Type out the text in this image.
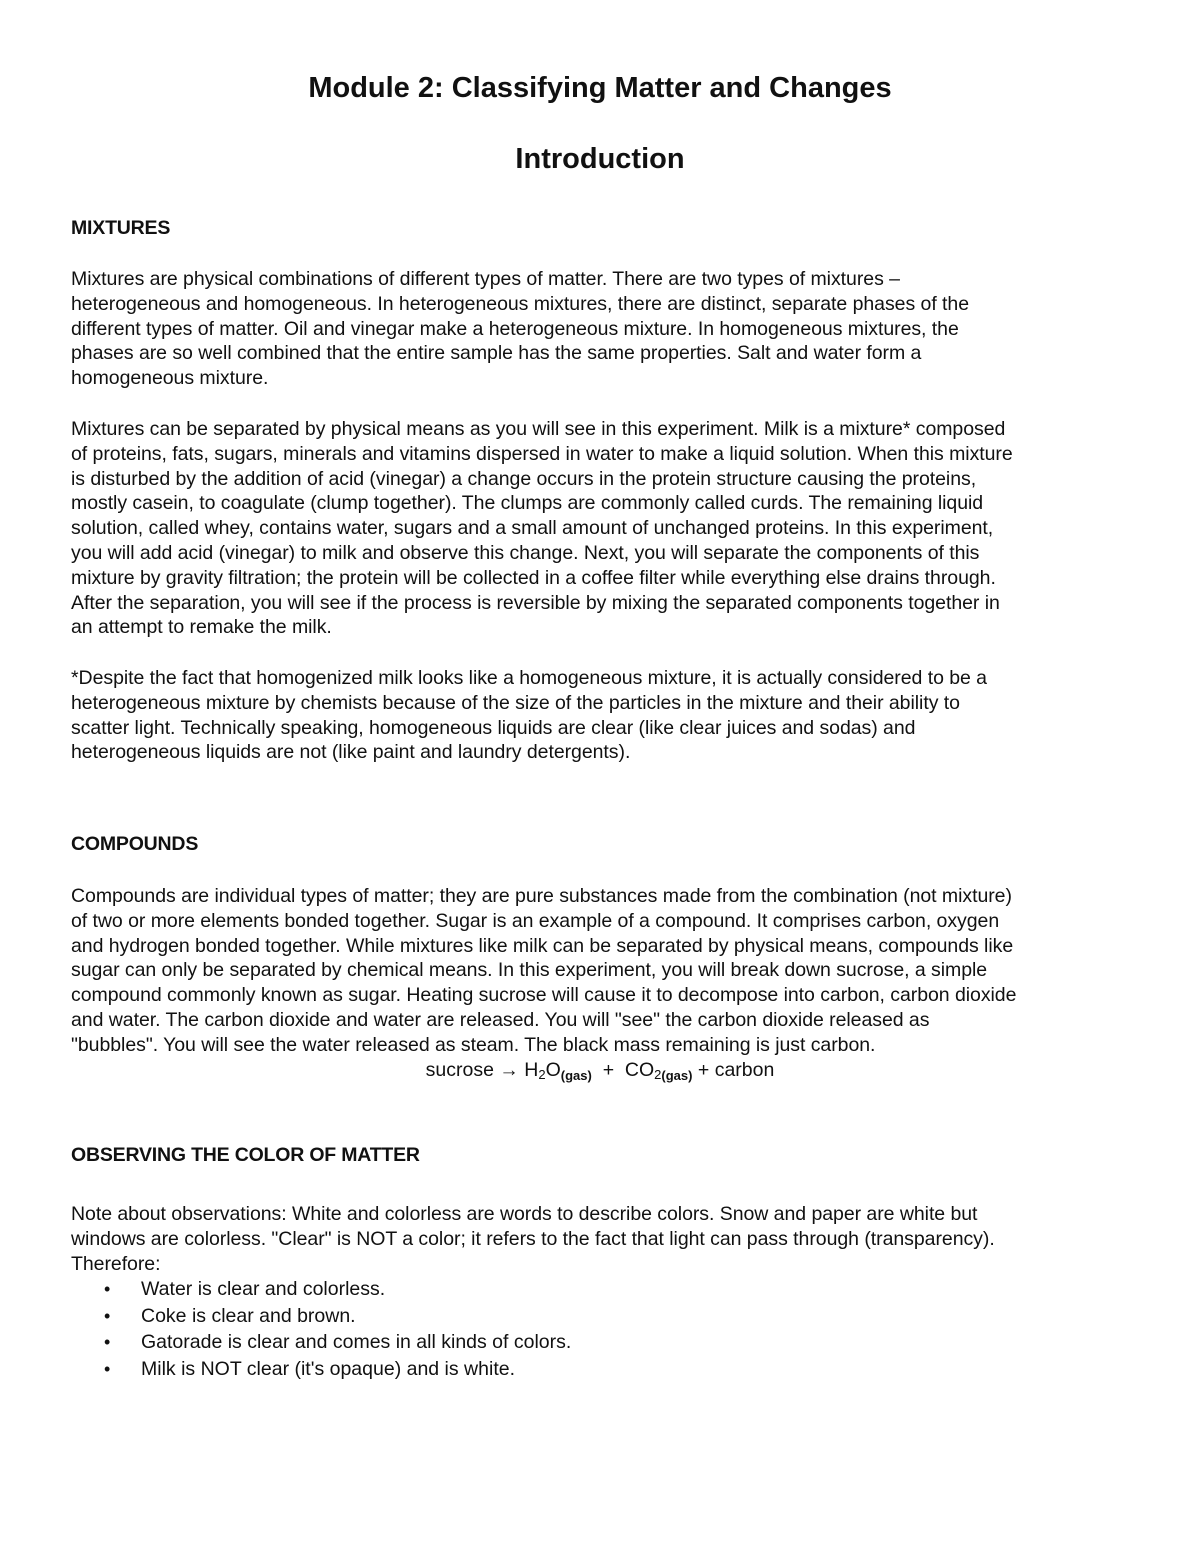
Module 2: Classifying Matter and Changes
Introduction
MIXTURES
Mixtures are physical combinations of different types of matter. There are two types of mixtures –
heterogeneous and homogeneous. In heterogeneous mixtures, there are distinct, separate phases of the
different types of matter. Oil and vinegar make a heterogeneous mixture. In homogeneous mixtures, the
phases are so well combined that the entire sample has the same properties. Salt and water form a
homogeneous mixture.
Mixtures can be separated by physical means as you will see in this experiment. Milk is a mixture* composed
of proteins, fats, sugars, minerals and vitamins dispersed in water to make a liquid solution. When this mixture
is disturbed by the addition of acid (vinegar) a change occurs in the protein structure causing the proteins,
mostly casein, to coagulate (clump together). The clumps are commonly called curds. The remaining liquid
solution, called whey, contains water, sugars and a small amount of unchanged proteins. In this experiment,
you will add acid (vinegar) to milk and observe this change. Next, you will separate the components of this
mixture by gravity filtration; the protein will be collected in a coffee filter while everything else drains through.
After the separation, you will see if the process is reversible by mixing the separated components together in
an attempt to remake the milk.
*Despite the fact that homogenized milk looks like a homogeneous mixture, it is actually considered to be a
heterogeneous mixture by chemists because of the size of the particles in the mixture and their ability to
scatter light. Technically speaking, homogeneous liquids are clear (like clear juices and sodas) and
heterogeneous liquids are not (like paint and laundry detergents).
COMPOUNDS
Compounds are individual types of matter; they are pure substances made from the combination (not mixture)
of two or more elements bonded together. Sugar is an example of a compound. It comprises carbon, oxygen
and hydrogen bonded together. While mixtures like milk can be separated by physical means, compounds like
sugar can only be separated by chemical means. In this experiment, you will break down sucrose, a simple
compound commonly known as sugar. Heating sucrose will cause it to decompose into carbon, carbon dioxide
and water. The carbon dioxide and water are released. You will "see" the carbon dioxide released as
"bubbles". You will see the water released as steam. The black mass remaining is just carbon.
sucrose → $H_2O_{(gas)} + CO_{2(gas)}$ + carbon
OBSERVING THE COLOR OF MATTER
Note about observations: White and colorless are words to describe colors. Snow and paper are white but
windows are colorless. "Clear" is NOT a color; it refers to the fact that light can pass through (transparency).
Therefore:
• Water is clear and colorless.
• Coke is clear and brown.
• Gatorade is clear and comes in all kinds of colors.
• Milk is NOT clear (it's opaque) and is white.
